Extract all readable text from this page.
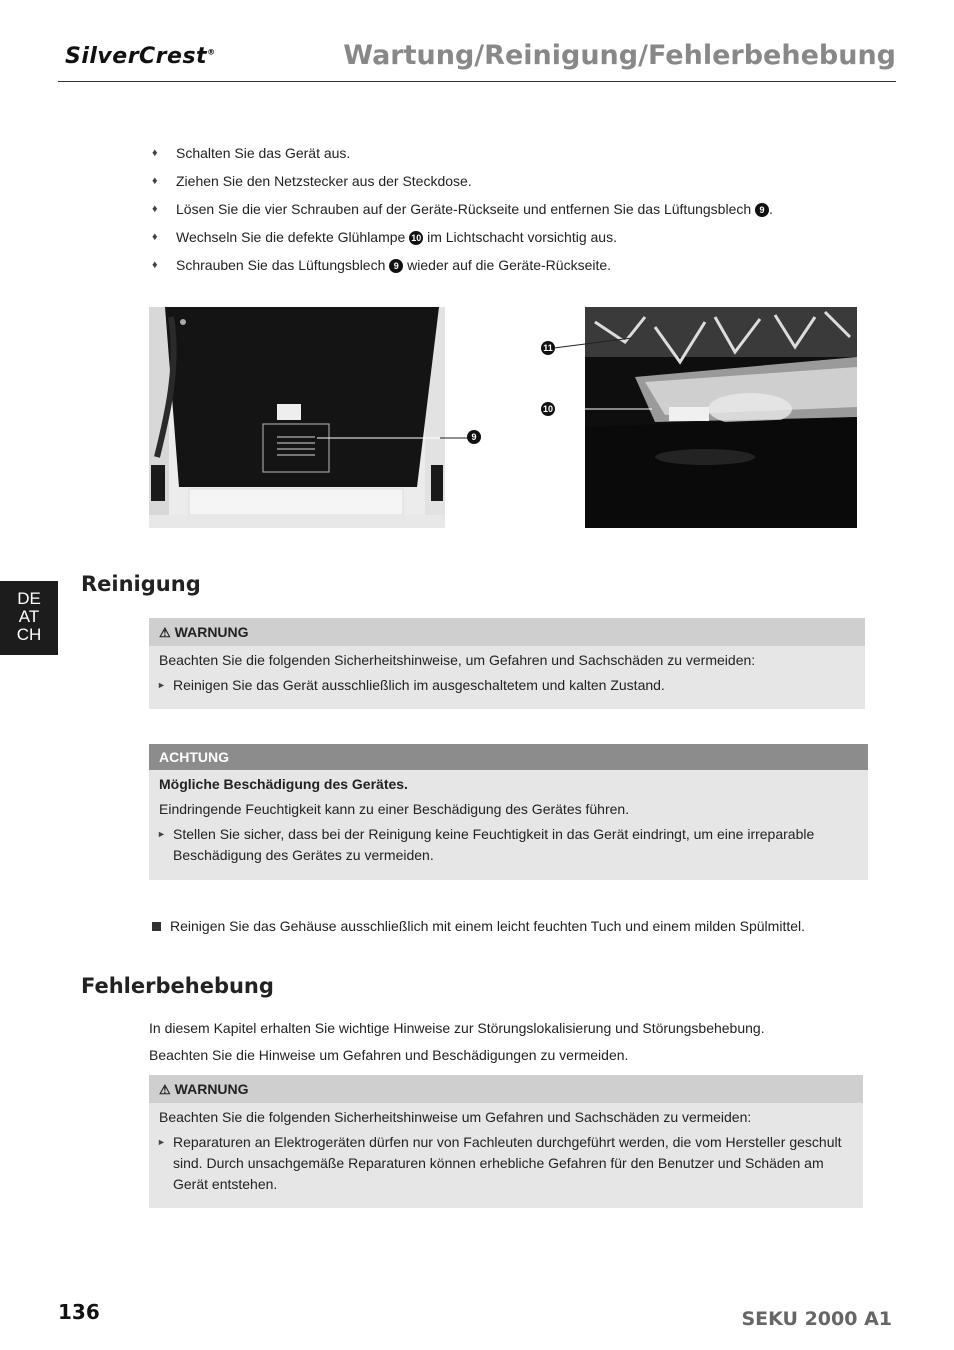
SilverCrest®	Wartung/Reinigung/Fehlerbehebung
♦ Schalten Sie das Gerät aus.
♦ Ziehen Sie den Netzstecker aus der Steckdose.
♦ Lösen Sie die vier Schrauben auf der Geräte-Rückseite und entfernen Sie das Lüftungsblech 9 .
♦ Wechseln Sie die defekte Glühlampe 10 im Lichtschacht vorsichtig aus.
♦ Schrauben Sie das Lüftungsblech 9 wieder auf die Geräte-Rückseite.
9
11
10
DE
AT
CH
Reinigung
⚠ WARNUNG

Beachten Sie die folgenden Sicherheitshinweise, um Gefahren und Sachschäden zu vermeiden:

► Reinigen Sie das Gerät ausschließlich im ausgeschaltetem und kalten Zustand.
ACHTUNG

Mögliche Beschädigung des Gerätes.

Eindringende Feuchtigkeit kann zu einer Beschädigung des Gerätes führen.

► Stellen Sie sicher, dass bei der Reinigung keine Feuchtigkeit in das Gerät eindringt, um eine irreparable Beschädigung des Gerätes zu vermeiden.
Reinigen Sie das Gehäuse ausschließlich mit einem leicht feuchten Tuch und einem milden Spülmittel.
Fehlerbehebung
In diesem Kapitel erhalten Sie wichtige Hinweise zur Störungslokalisierung und Störungsbehebung.
Beachten Sie die Hinweise um Gefahren und Beschädigungen zu vermeiden.
⚠ WARNUNG

Beachten Sie die folgenden Sicherheitshinweise um Gefahren und Sachschäden zu vermeiden:

► Reparaturen an Elektrogeräten dürfen nur von Fachleuten durchgeführt werden, die vom Hersteller geschult sind. Durch unsachgemäße Reparaturen können erhebliche Gefahren für den Benutzer und Schäden am Gerät entstehen.
136	SEKU 2000 A1
